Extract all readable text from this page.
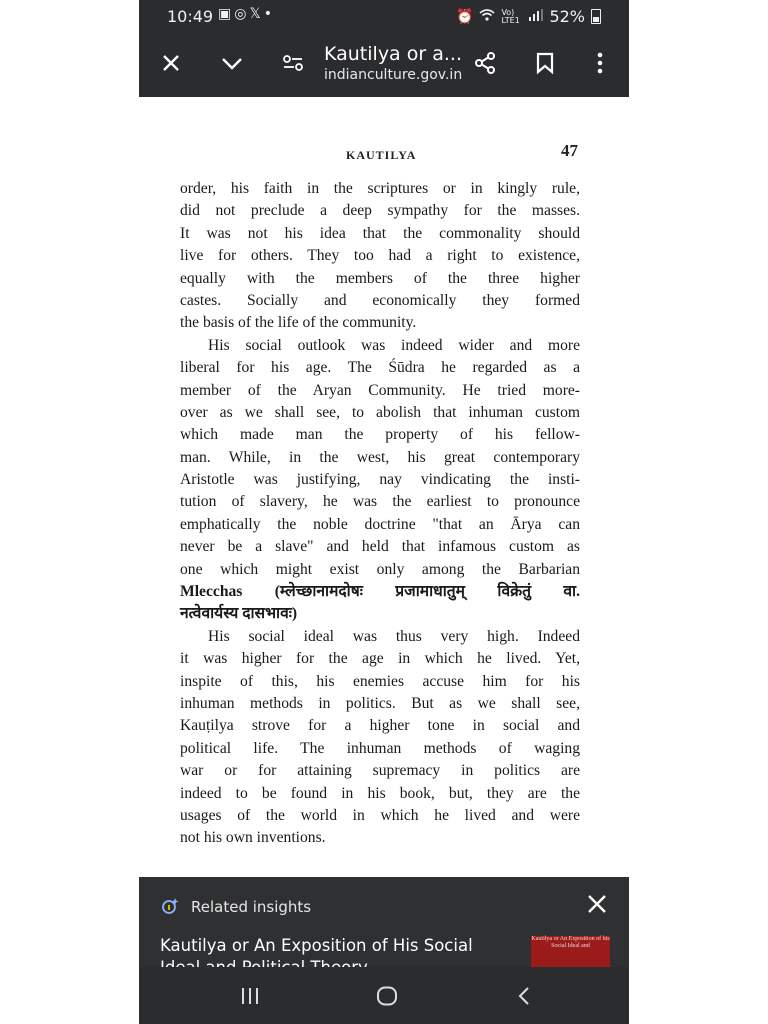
10:49 ▣◎𝕏•	⏰	Vo) LTE1 52%
Kautilya or a...
indianculture.gov.in
KAUTILYA	47
order, his faith in the scriptures or in kingly rule,
did not preclude a deep sympathy for the masses.
It was not his idea that the commonality should
live for others. They too had a right to existence,
equally with the members of the three higher
castes. Socially and economically they formed
the basis of the life of the community.
His social outlook was indeed wider and more
liberal for his age. The Śūdra he regarded as a
member of the Aryan Community. He tried more-
over as we shall see, to abolish that inhuman custom
which made man the property of his fellow-
man. While, in the west, his great contemporary
Aristotle was justifying, nay vindicating the insti-
tution of slavery, he was the earliest to pronounce
emphatically the noble doctrine "that an Ārya can
never be a slave" and held that infamous custom as
one which might exist only among the Barbarian
Mlecchas (म्लेच्छानामदोषः प्रजामाधातुम् विक्रेतुं वा.
नत्वेवार्यस्य दासभावः)
His social ideal was thus very high. Indeed
it was higher for the age in which he lived. Yet,
inspite of this, his enemies accuse him for his
inhuman methods in politics. But as we shall see,
Kauṭilya strove for a higher tone in social and
political life. The inhuman methods of waging
war or for attaining supremacy in politics are
indeed to be found in his book, but, they are the
usages of the world in which he lived and were
not his own inventions.
Related insights
Kautilya or An Exposition of His Social	Kautilya or An Exposition of his Social Ideal and
